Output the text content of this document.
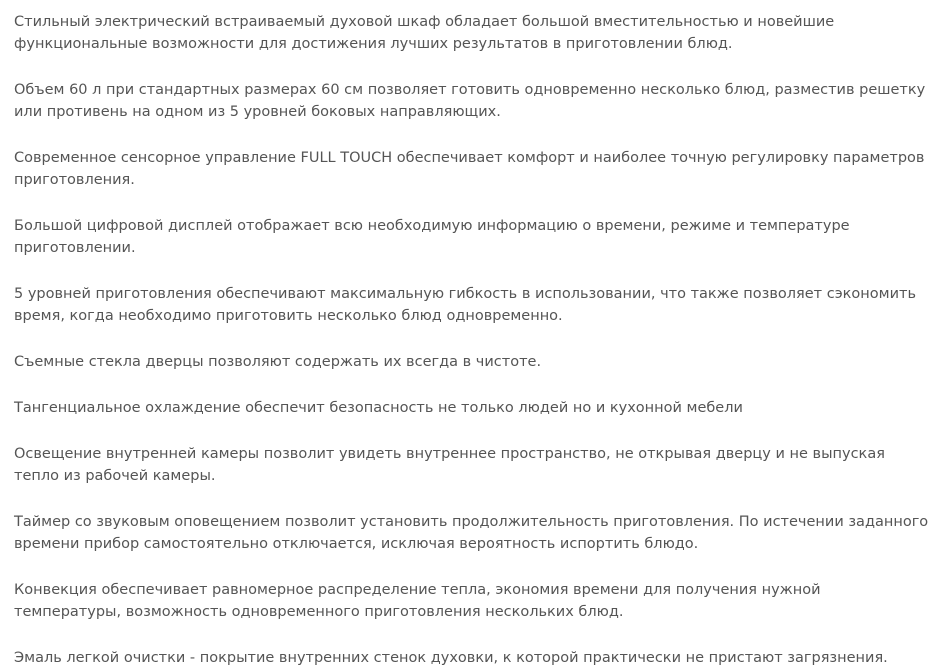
Стильный электрический встраиваемый духовой шкаф обладает большой вместительностью и новейшие функциональные возможности для достижения лучших результатов в приготовлении блюд.

Объем 60 л при стандартных размерах 60 см позволяет готовить одновременно несколько блюд, разместив решетку или противень на одном из 5 уровней боковых направляющих.

Современное сенсорное управление FULL TOUCH обеспечивает комфорт и наиболее точную регулировку параметров приготовления.

Большой цифровой дисплей отображает всю необходимую информацию о времени, режиме и температуре приготовлении.

5 уровней приготовления обеспечивают максимальную гибкость в использовании, что также позволяет сэкономить время, когда необходимо приготовить несколько блюд одновременно.

Съемные стекла дверцы позволяют содержать их всегда в чистоте.

Тангенциальное охлаждение обеспечит безопасность не только людей но и кухонной мебели

Освещение внутренней камеры позволит увидеть внутреннее пространство, не открывая дверцу и не выпуская тепло из рабочей камеры.

Таймер со звуковым оповещением позволит установить продолжительность приготовления. По истечении заданного времени прибор самостоятельно отключается, исключая вероятность испортить блюдо.

Конвекция обеспечивает равномерное распределение тепла, экономия времени для получения нужной температуры, возможность одновременного приготовления нескольких блюд.

Эмаль легкой очистки - покрытие внутренних стенок духовки, к которой практически не пристают загрязнения.
